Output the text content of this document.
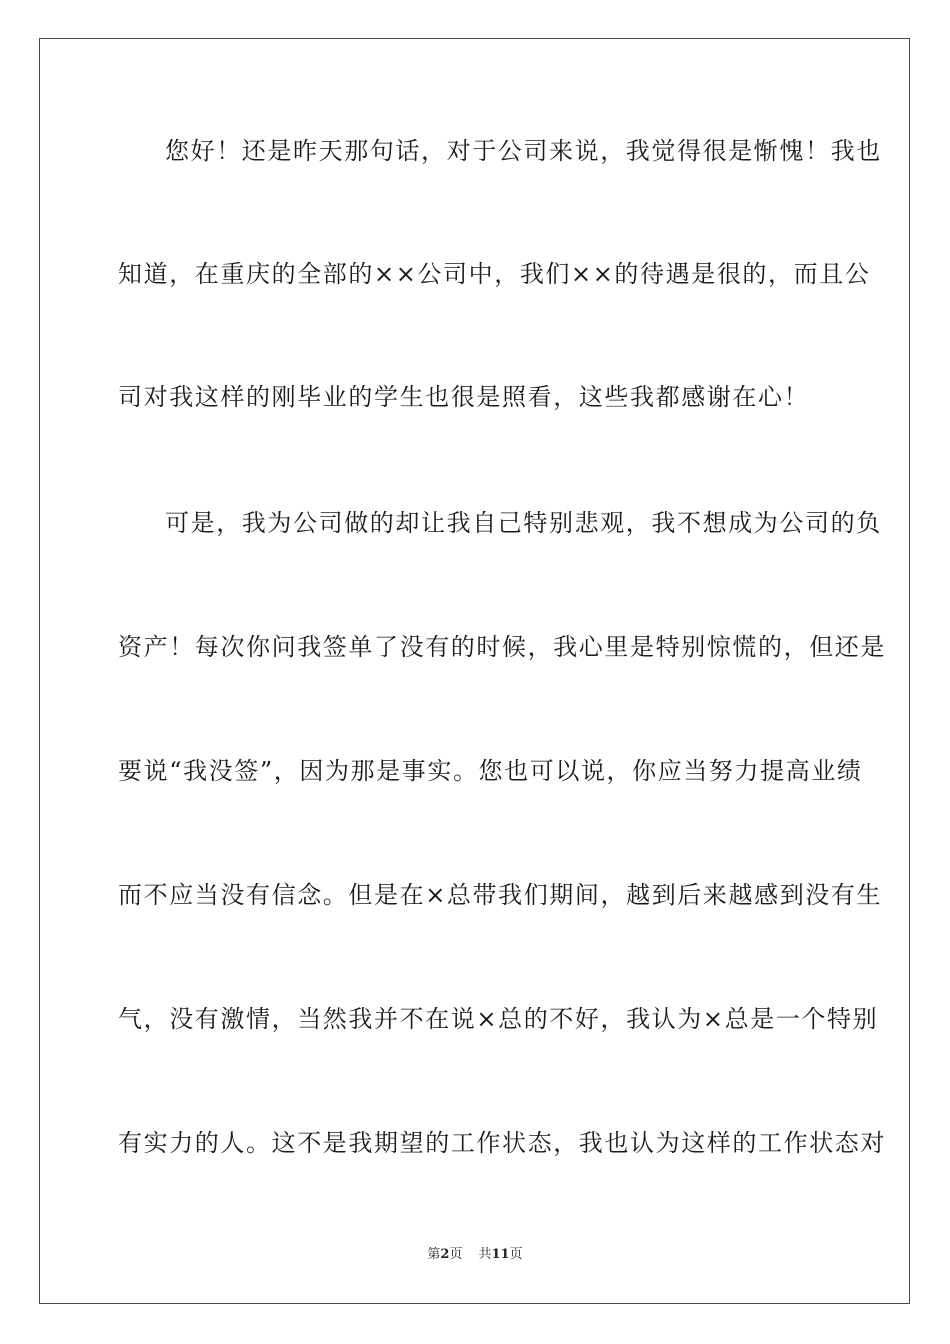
您好！还是昨天那句话，对于公司来说，我觉得很是惭愧！我也
知道，在重庆的全部的××公司中，我们××的待遇是很的，而且公
司对我这样的刚毕业的学生也很是照看，这些我都感谢在心！
可是，我为公司做的却让我自己特别悲观，我不想成为公司的负
资产！每次你问我签单了没有的时候，我心里是特别惊慌的，但还是
要说“我没签”，因为那是事实。您也可以说，你应当努力提高业绩
而不应当没有信念。但是在×总带我们期间，越到后来越感到没有生
气，没有激情，当然我并不在说×总的不好，我认为×总是一个特别
有实力的人。这不是我期望的工作状态，我也认为这样的工作状态对
第2页 共11页
